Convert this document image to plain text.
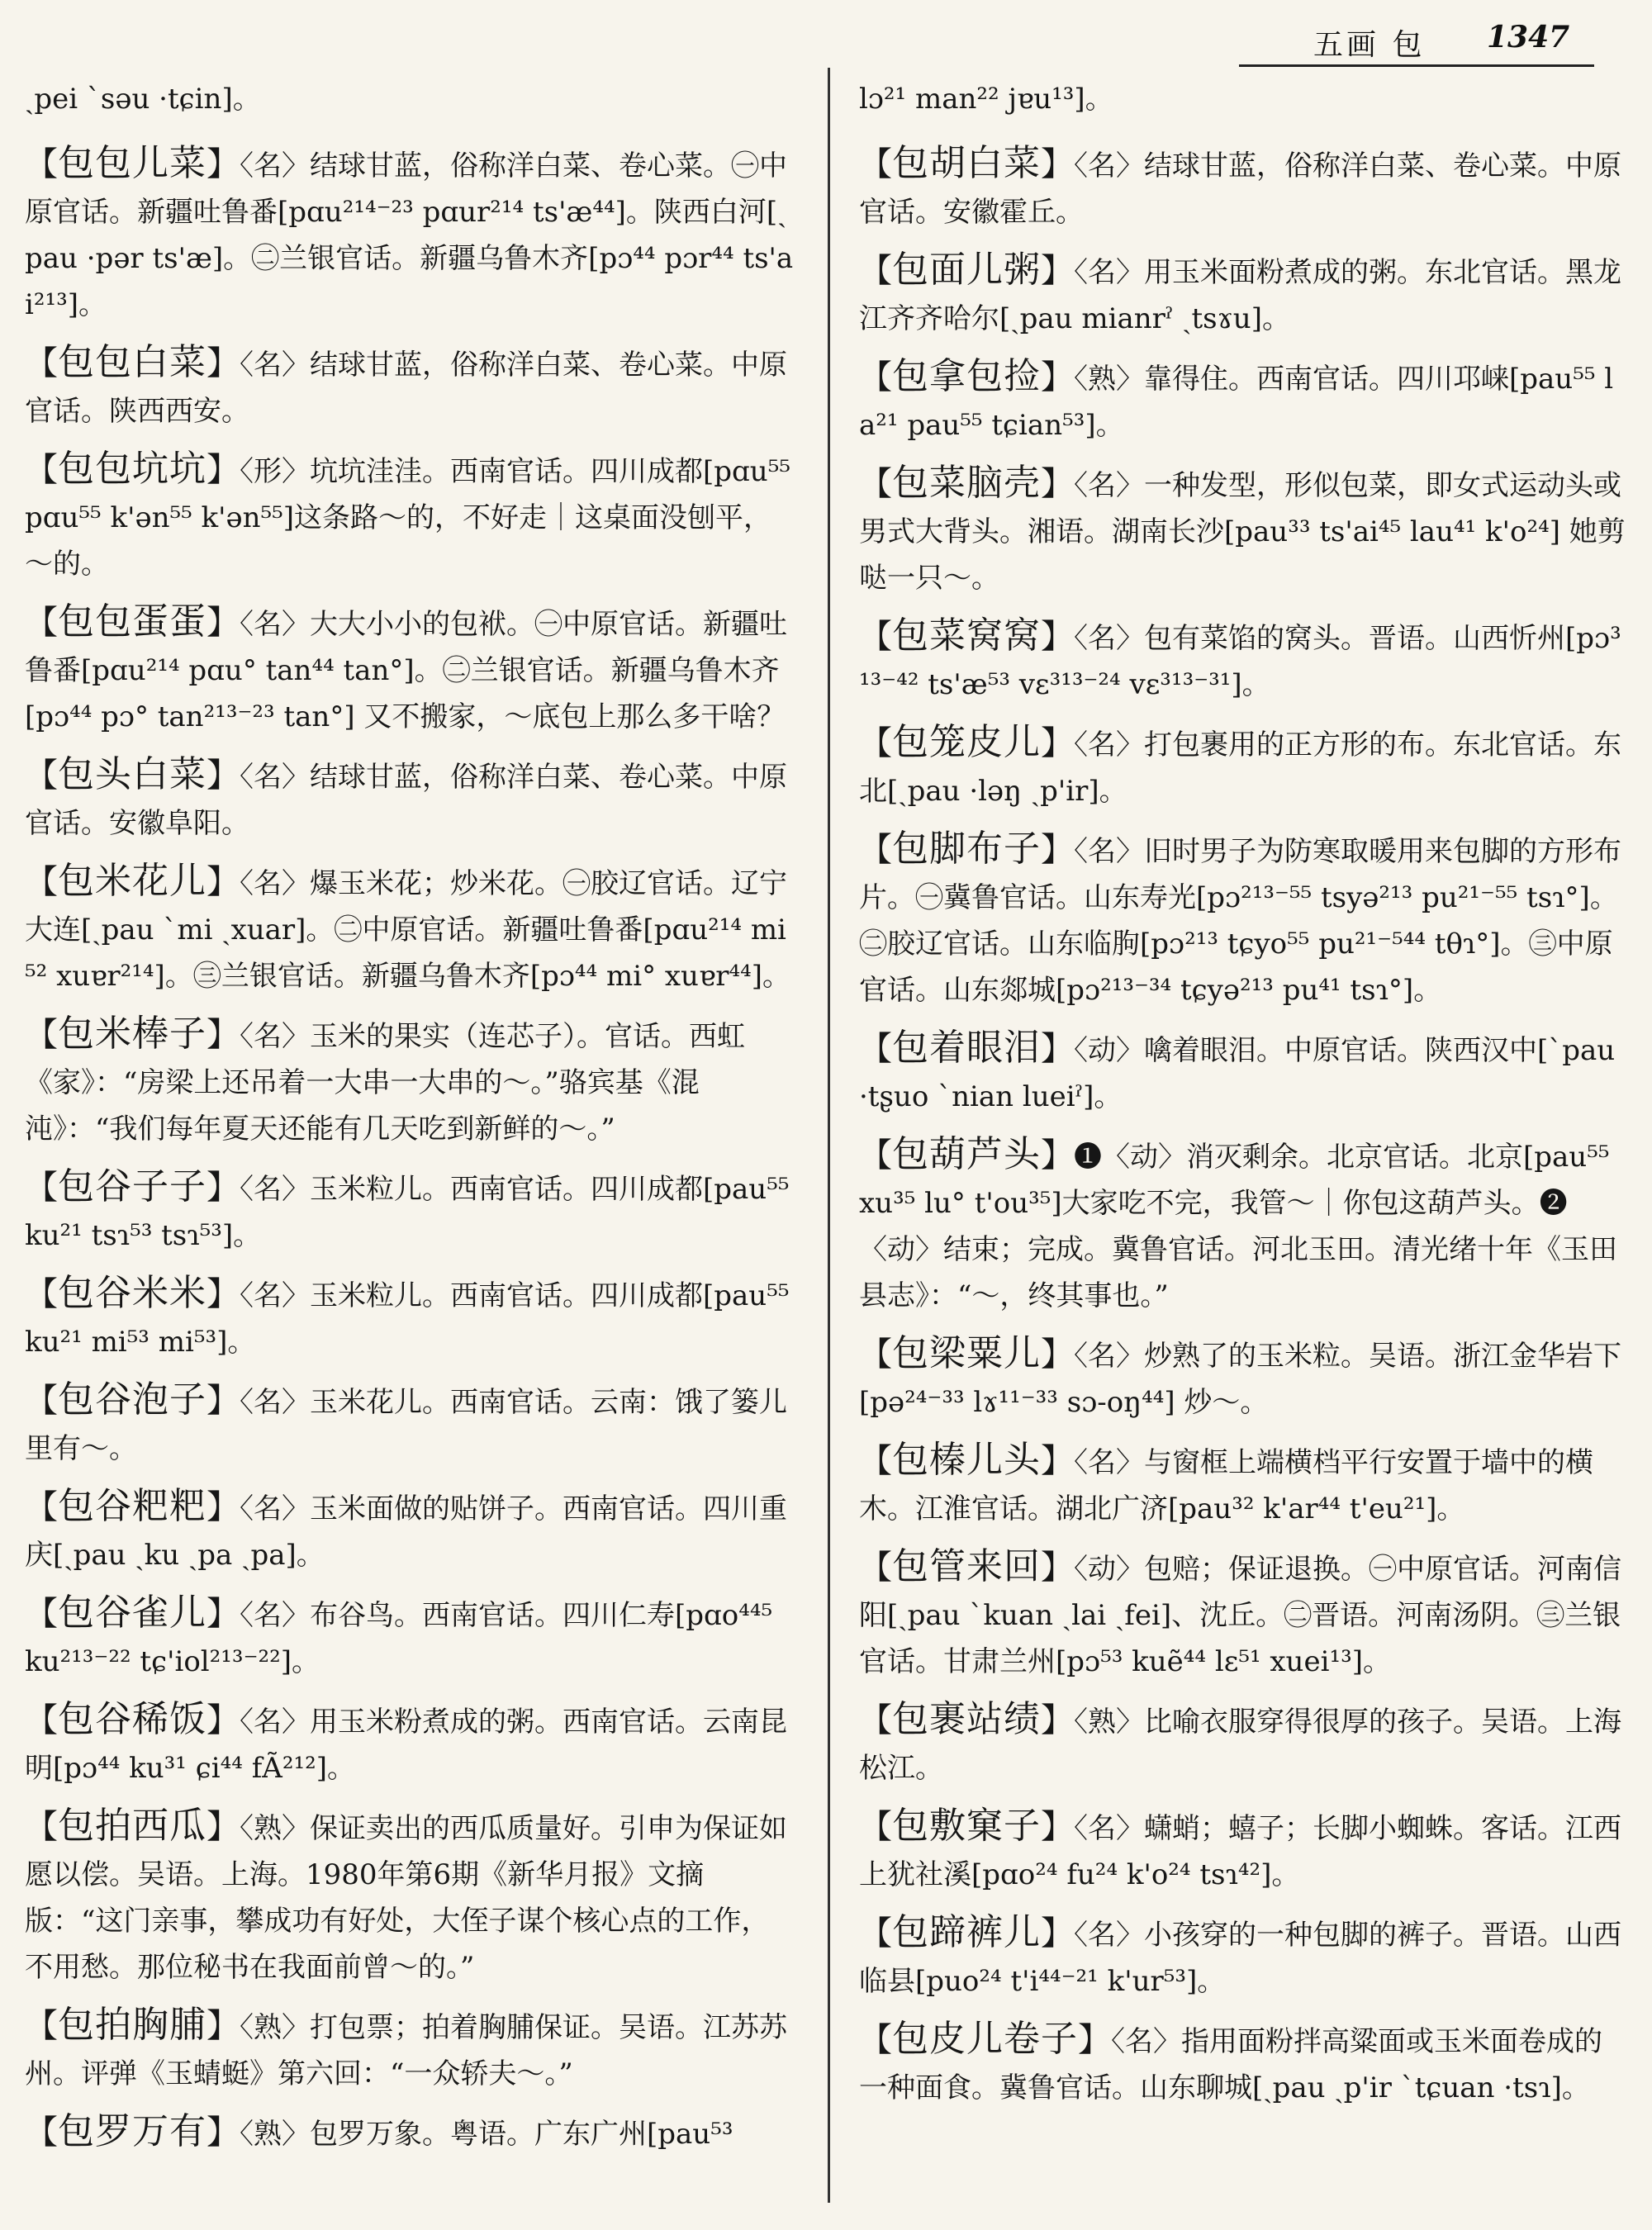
五画 包 1347

ˏpei ˋsəu ·tɕin]。

【包包儿菜】〈名〉结球甘蓝，俗称洋白菜、卷心菜。㊀中原官话。新疆吐鲁番[pɑu²¹⁴⁻²³ pɑur²¹⁴ ts'æ⁴⁴]。陕西白河[ˏpau ·pər ts'æ]。㊁兰银官话。新疆乌鲁木齐[pɔ⁴⁴ pɔr⁴⁴ ts'ai²¹³]。

【包包白菜】〈名〉结球甘蓝，俗称洋白菜、卷心菜。中原官话。陕西西安。

【包包坑坑】〈形〉坑坑洼洼。西南官话。四川成都[pɑu⁵⁵ pɑu⁵⁵ k'ən⁵⁵ k'ən⁵⁵]这条路～的，不好走｜这桌面没刨平，～的。

【包包蛋蛋】〈名〉大大小小的包袱。㊀中原官话。新疆吐鲁番[pɑu²¹⁴ pɑu° tan⁴⁴ tan°]。㊁兰银官话。新疆乌鲁木齐[pɔ⁴⁴ pɔ° tan²¹³⁻²³ tan°] 又不搬家，～底包上那么多干啥？

【包头白菜】〈名〉结球甘蓝，俗称洋白菜、卷心菜。中原官话。安徽阜阳。

【包米花儿】〈名〉爆玉米花；炒米花。㊀胶辽官话。辽宁大连[ˏpau ˋmi ˏxuar]。㊁中原官话。新疆吐鲁番[pɑu²¹⁴ mi⁵² xuɐr²¹⁴]。㊂兰银官话。新疆乌鲁木齐[pɔ⁴⁴ mi° xuɐr⁴⁴]。

【包米棒子】〈名〉玉米的果实（连芯子）。官话。西虹《家》：“房梁上还吊着一大串一大串的～。”骆宾基《混沌》：“我们每年夏天还能有几天吃到新鲜的～。”

【包谷子子】〈名〉玉米粒儿。西南官话。四川成都[pau⁵⁵ ku²¹ tsɿ⁵³ tsɿ⁵³]。

【包谷米米】〈名〉玉米粒儿。西南官话。四川成都[pau⁵⁵ ku²¹ mi⁵³ mi⁵³]。

【包谷泡子】〈名〉玉米花儿。西南官话。云南：饿了篓儿里有～。

【包谷粑粑】〈名〉玉米面做的贴饼子。西南官话。四川重庆[ˏpau ˏku ˏpa ˏpa]。

【包谷雀儿】〈名〉布谷鸟。西南官话。四川仁寿[pɑo⁴⁴⁵ ku²¹³⁻²² tɕ'iol²¹³⁻²²]。

【包谷稀饭】〈名〉用玉米粉煮成的粥。西南官话。云南昆明[pɔ⁴⁴ ku³¹ ɕi⁴⁴ fÃ²¹²]。

【包拍西瓜】〈熟〉保证卖出的西瓜质量好。引申为保证如愿以偿。吴语。上海。1980年第6期《新华月报》文摘版：“这门亲事，攀成功有好处，大侄子谋个核心点的工作，不用愁。那位秘书在我面前曾～的。”

【包拍胸脯】〈熟〉打包票；拍着胸脯保证。吴语。江苏苏州。评弹《玉蜻蜓》第六回：“一众轿夫～。”

【包罗万有】〈熟〉包罗万象。粤语。广东广州[pau⁵³

lɔ²¹ man²² jɐu¹³]。

【包胡白菜】〈名〉结球甘蓝，俗称洋白菜、卷心菜。中原官话。安徽霍丘。

【包面儿粥】〈名〉用玉米面粉煮成的粥。东北官话。黑龙江齐齐哈尔[ˏpau mianrˀ ˏtsɤu]。

【包拿包捡】〈熟〉靠得住。西南官话。四川邛崃[pau⁵⁵ la²¹ pau⁵⁵ tɕian⁵³]。

【包菜脑壳】〈名〉一种发型，形似包菜，即女式运动头或男式大背头。湘语。湖南长沙[pau³³ ts'ai⁴⁵ lau⁴¹ k'o²⁴] 她剪哒一只～。

【包菜窝窝】〈名〉包有菜馅的窝头。晋语。山西忻州[pɔ³¹³⁻⁴² ts'æ⁵³ vɛ³¹³⁻²⁴ vɛ³¹³⁻³¹]。

【包笼皮儿】〈名〉打包裹用的正方形的布。东北官话。东北[ˏpau ·ləŋ ˏp'ir]。

【包脚布子】〈名〉旧时男子为防寒取暖用来包脚的方形布片。㊀冀鲁官话。山东寿光[pɔ²¹³⁻⁵⁵ tsyə²¹³ pu²¹⁻⁵⁵ tsɿ°]。㊁胶辽官话。山东临朐[pɔ²¹³ tɕyo⁵⁵ pu²¹⁻⁵⁴⁴ tθɿ°]。㊂中原官话。山东郯城[pɔ²¹³⁻³⁴ tɕyə²¹³ pu⁴¹ tsɿ°]。

【包着眼泪】〈动〉噙着眼泪。中原官话。陕西汉中[ˋpau ·tʂuo ˋnian lueiˀ]。

【包葫芦头】❶〈动〉消灭剩余。北京官话。北京[pau⁵⁵ xu³⁵ lu° t'ou³⁵]大家吃不完，我管～｜你包这葫芦头。❷〈动〉结束；完成。冀鲁官话。河北玉田。清光绪十年《玉田县志》：“～，终其事也。”

【包梁粟儿】〈名〉炒熟了的玉米粒。吴语。浙江金华岩下[pə²⁴⁻³³ lɤ¹¹⁻³³ sɔ-oŋ⁴⁴] 炒～。

【包榛儿头】〈名〉与窗框上端横档平行安置于墙中的横木。江淮官话。湖北广济[pau³² k'ar⁴⁴ t'eu²¹]。

【包管来回】〈动〉包赔；保证退换。㊀中原官话。河南信阳[ˏpau ˋkuan ˏlai ˏfei]、沈丘。㊁晋语。河南汤阴。㊂兰银官话。甘肃兰州[pɔ⁵³ kuẽ⁴⁴ lɛ⁵¹ xuei¹³]。

【包裹站绩】〈熟〉比喻衣服穿得很厚的孩子。吴语。上海松江。

【包敷窠子】〈名〉蟏蛸；蟢子；长脚小蜘蛛。客话。江西上犹社溪[pɑo²⁴ fu²⁴ k'o²⁴ tsɿ⁴²]。

【包蹄裤儿】〈名〉小孩穿的一种包脚的裤子。晋语。山西临县[puo²⁴ t'i⁴⁴⁻²¹ k'ur⁵³]。

【包皮儿卷子】〈名〉指用面粉拌高粱面或玉米面卷成的一种面食。冀鲁官话。山东聊城[ˏpau ˏp'ir ˋtɕuan ·tsɿ]。
